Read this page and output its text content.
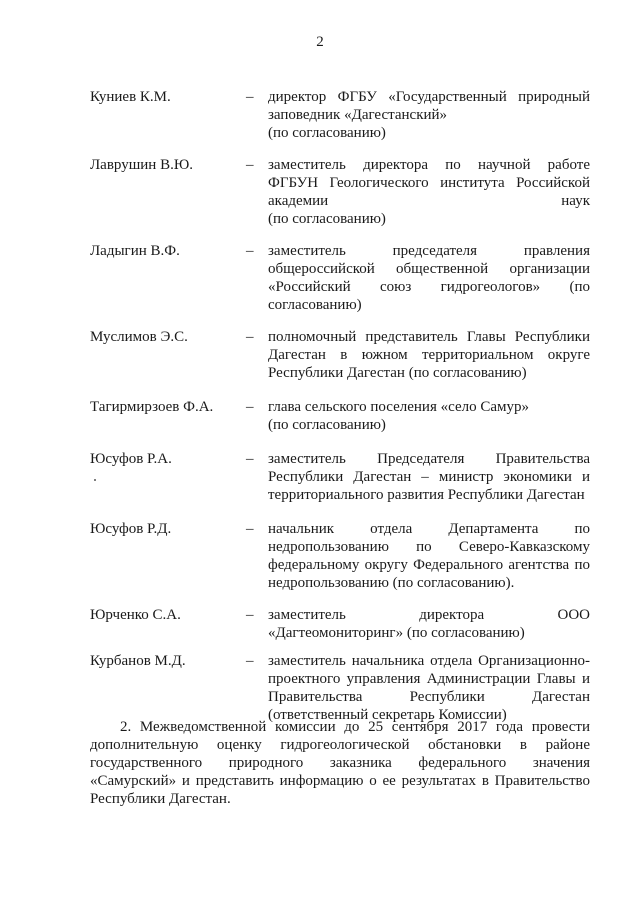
2
Куниев К.М.	– директор ФГБУ «Государственный природный
заповедник «Дагестанский»
(по согласованию)
Лаврушин В.Ю.	– заместитель директора по научной работе
ФГБУН Геологического института Российской
академии наук
(по согласованию)
Ладыгин В.Ф.	– заместитель председателя правления
общероссийской общественной организации
«Российский союз гидрогеологов» (по
согласованию)
Муслимов Э.С.	– полномочный представитель Главы Республики
Дагестан в южном территориальном округе
Республики Дагестан (по согласованию)
Тагирмирзоев Ф.А. – глава сельского поселения «село Самур»
(по согласованию)
Юсуфов Р.А.	– заместитель Председателя Правительства
Республики Дагестан – министр экономики и
территориального развития Республики Дагестан
Юсуфов Р.Д.	– начальник отдела Департамента по
недропользованию по Северо-Кавказскому
федеральному округу Федерального агентства по
недропользованию (по согласованию).
Юрченко С.А.	– заместитель директора ООО
«Дагтеомониторинг» (по согласованию)
Курбанов М.Д.	– заместитель начальника отдела Организационно-
проектного управления Администрации Главы и
Правительства Республики Дагестан
(ответственный секретарь Комиссии)
2. Межведомственной комиссии до 25 сентября 2017 года провести
дополнительную оценку гидрогеологической обстановки в районе
государственного природного заказника федерального значения
«Самурский» и представить информацию о ее результатах в Правительство
Республики Дагестан.
